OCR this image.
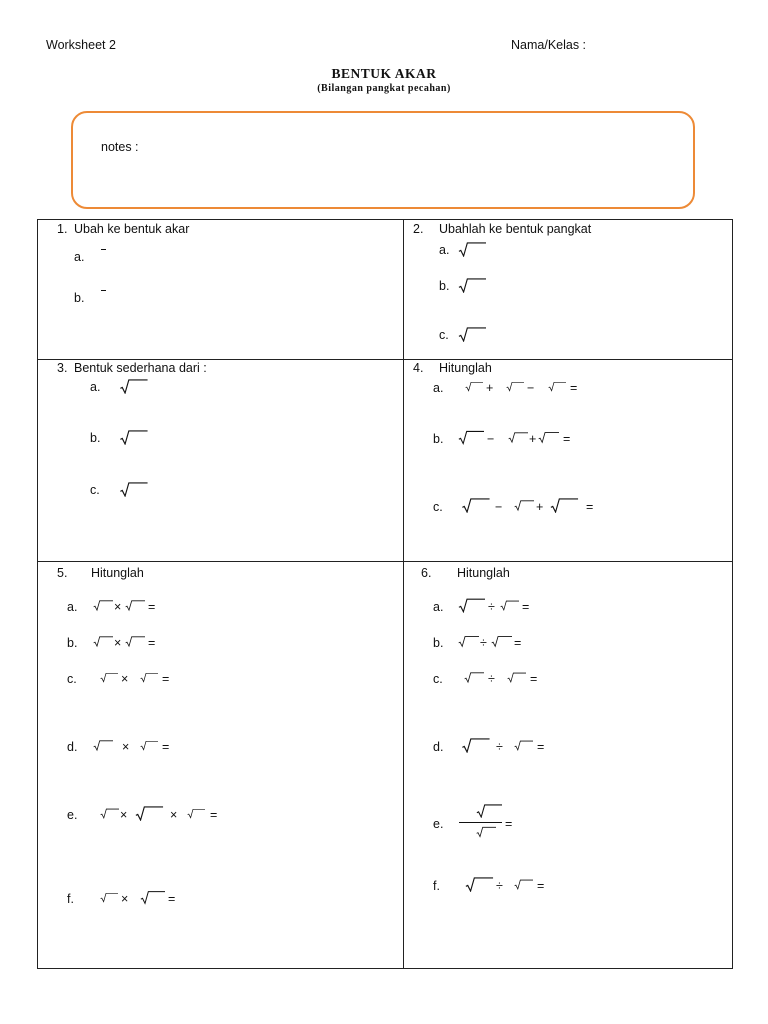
Worksheet 2	Nama/Kelas :
BENTUK AKAR
(Bilangan pangkat pecahan)
notes :
1. Ubah ke bentuk akar
a.
b.
2. Ubahlah ke bentuk pangkat
a.
b.
c.
3. Bentuk sederhana dari :
a.
b.
c.
4. Hitunglah
a.	+	−	=
b.	−	+ =
c.	−	+	=
5. Hitunglah
a.	× =
b.	× =
c.	×	=
d.	×	=
e.	×	×	=
f.	×	=
6. Hitunglah
a.	÷ =
b.	÷ =
c.	÷	=
d.	÷	=
e.	=
f.	÷	=
